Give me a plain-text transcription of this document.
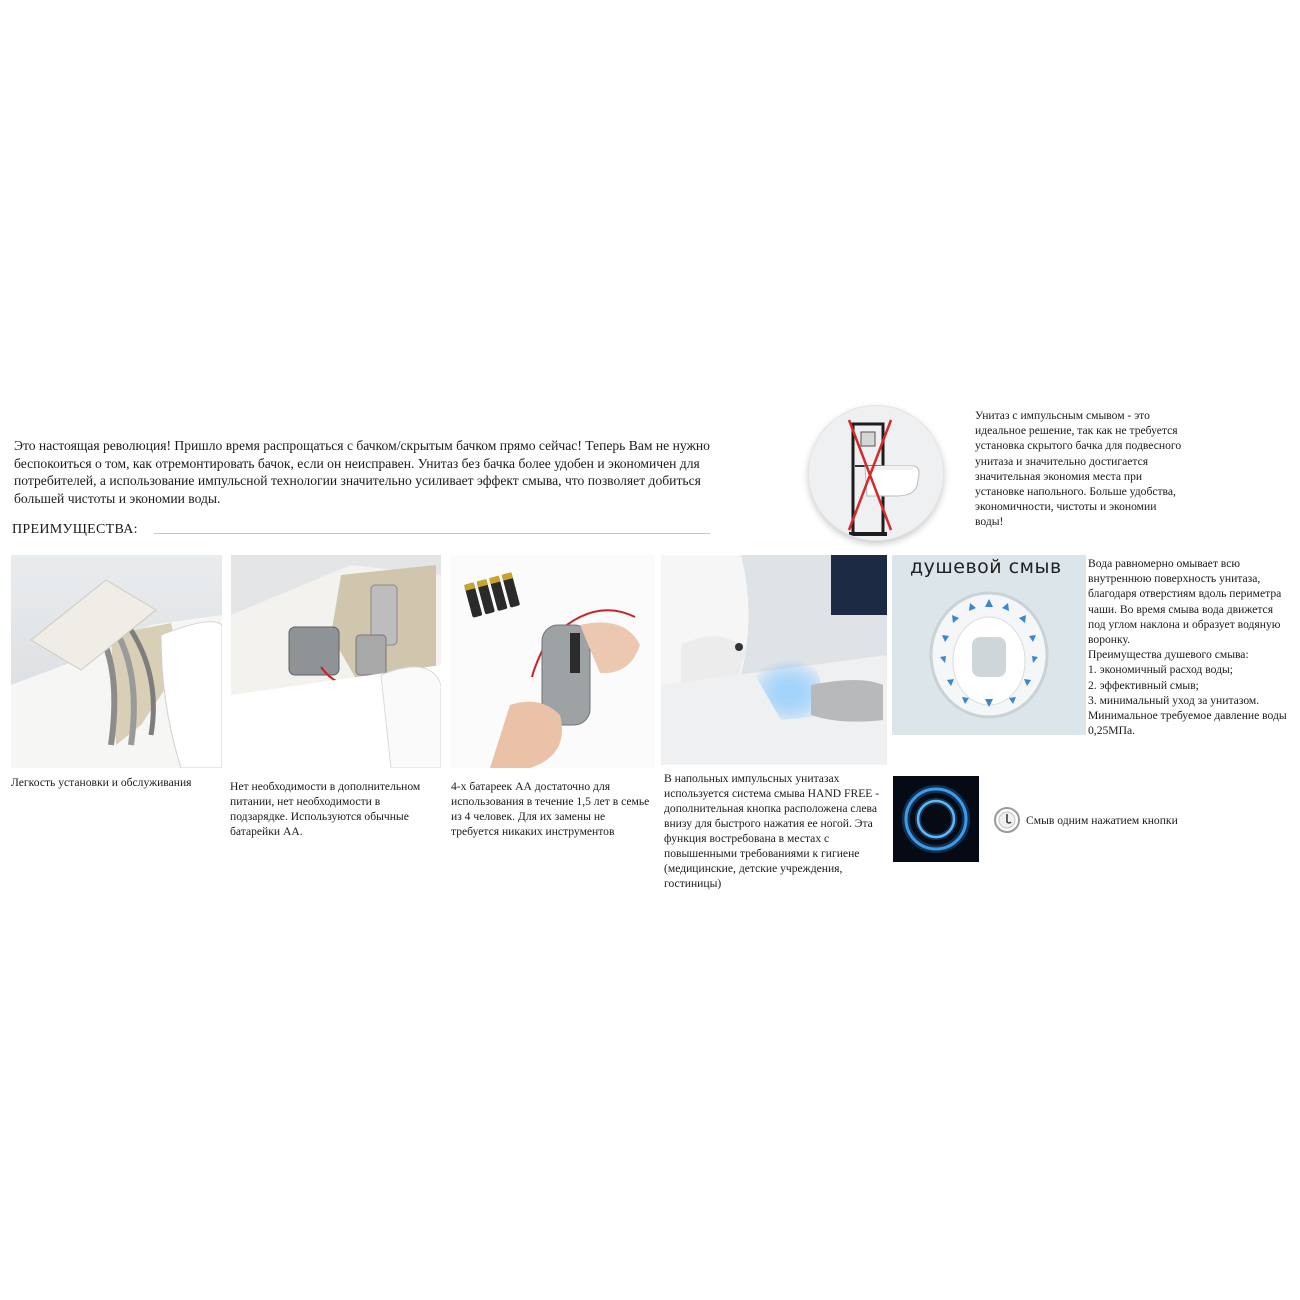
Это настоящая революция! Пришло время распрощаться с бачком/скрытым бачком прямо сейчас! Теперь Вам не нужно беспокоиться о том, как отремонтировать бачок, если он неисправен. Унитаз без бачка более удобен и экономичен для потребителей, а использование импульсной технологии значительно усиливает эффект смыва, что позволяет добиться большей чистоты и экономии воды.
ПРЕИМУЩЕСТВА:
Унитаз с импульсным смывом - это идеальное решение, так как не требуется установка скрытого бачка для подвесного унитаза и значительно достигается значительная экономия места при установке напольного. Больше удобства, экономичности, чистоты и экономии воды!
Легкость установки и обслуживания	Нет необходимости в дополнительном питании, нет необходимости в подзарядке. Используются обычные батарейки АА.
4-х батареек АА достаточно для использования в течение 1,5 лет в семье из 4 человек. Для их замены не требуется никаких инструментов
В напольных импульсных унитазах используется система смыва HAND FREE - дополнительная кнопка расположена слева внизу для быстрого нажатия ее ногой. Эта функция востребована в местах с повышенными требованиями к гигиене (медицинские, детские учреждения, гостиницы)
душевой смыв Вода равномерно омывает всю внутреннюю поверхность унитаза, благодаря отверстиям вдоль периметра чаши. Во время смыва вода движется под углом наклона и образует водяную воронку.
Преимущества душевого смыва:
1. экономичный расход воды;
2. эффективный смыв;
3. минимальный уход за унитазом.
Минимальное требуемое давление воды 0,25МПа.
Смыв одним нажатием кнопки
